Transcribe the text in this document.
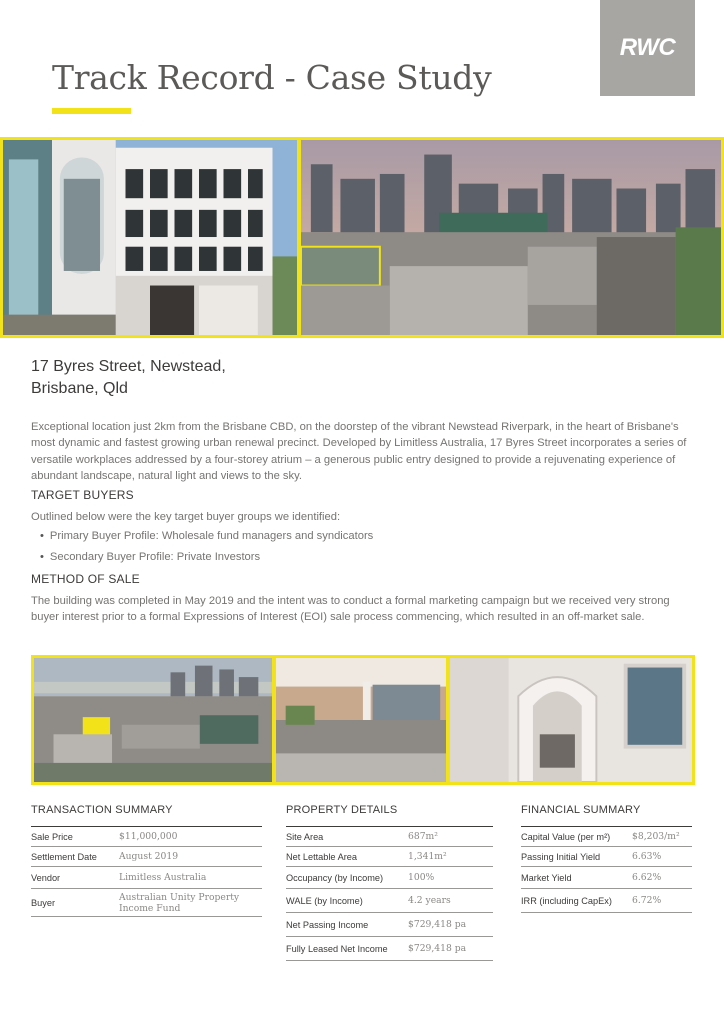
RWC
Track Record - Case Study
17 Byres Street, Newstead,
Brisbane, Qld
Exceptional location just 2km from the Brisbane CBD, on the doorstep of the vibrant Newstead Riverpark, in the heart of Brisbane's most dynamic and fastest growing urban renewal precinct. Developed by Limitless Australia, 17 Byres Street incorporates a series of versatile workplaces addressed by a four-storey atrium – a generous public entry designed to provide a rejuvenating experience of abundant landscape, natural light and views to the sky.
TARGET BUYERS
Outlined below were the key target buyer groups we identified:
• Primary Buyer Profile: Wholesale fund managers and syndicators
• Secondary Buyer Profile: Private Investors
METHOD OF SALE
The building was completed in May 2019 and the intent was to conduct a formal marketing campaign but we received very strong buyer interest prior to a formal Expressions of Interest (EOI) sale process commencing, which resulted in an off-market sale.
TRANSACTION SUMMARY
Sale Price	$11,000,000
Settlement Date	August 2019
Vendor	Limitless Australia
Buyer	Australian Unity Property Income Fund
PROPERTY DETAILS
Site Area	687m²
Net Lettable Area	1,341m²
Occupancy (by Income)	100%
WALE (by Income)	4.2 years
Net Passing Income	$729,418 pa
Fully Leased Net Income	$729,418 pa
FINANCIAL SUMMARY
Capital Value (per m²)	$8,203/m²
Passing Initial Yield	6.63%
Market Yield	6.62%
IRR (including CapEx)	6.72%
